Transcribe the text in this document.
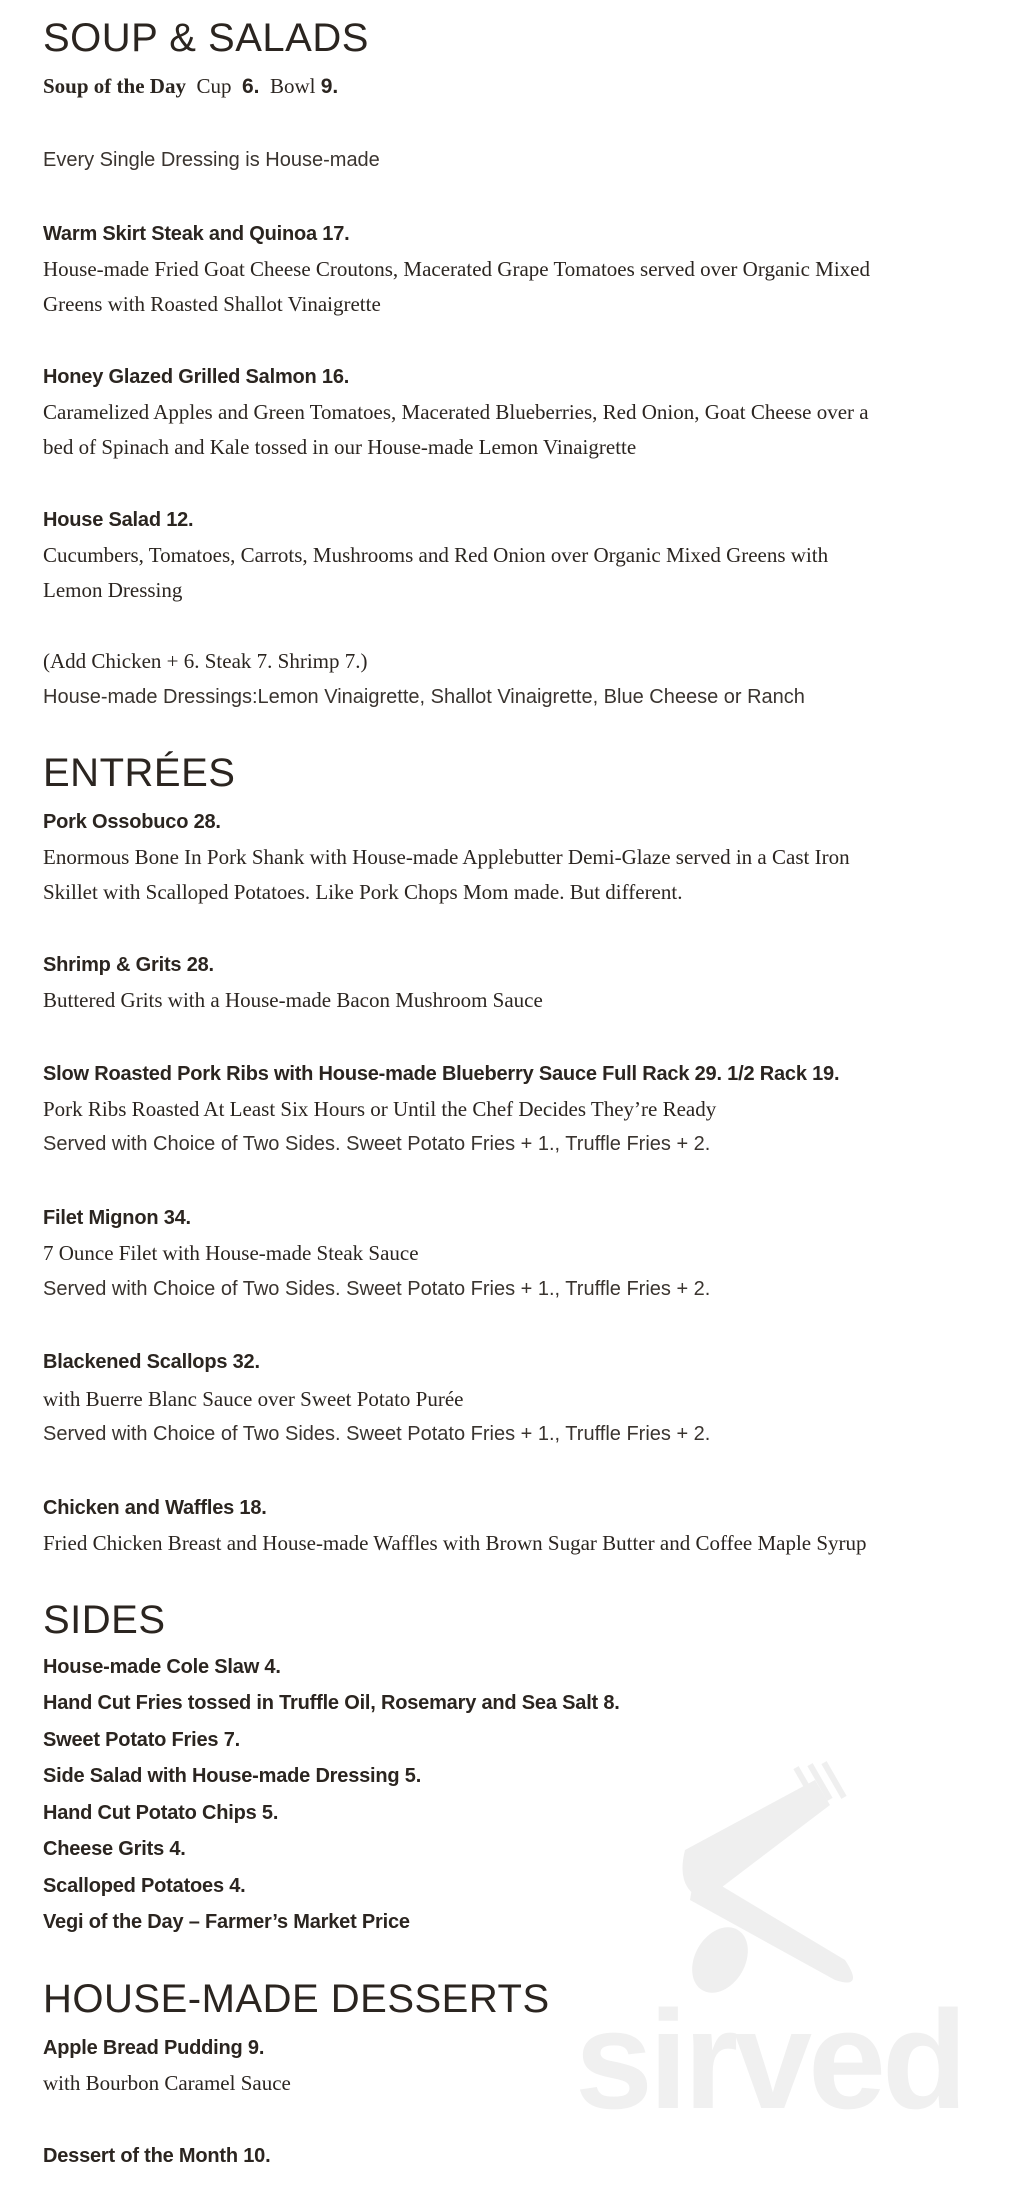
SOUP & SALADS
Soup of the Day Cup 6. Bowl 9.
Every Single Dressing is House-made
Warm Skirt Steak and Quinoa 17.
House-made Fried Goat Cheese Croutons, Macerated Grape Tomatoes served over Organic Mixed
Greens with Roasted Shallot Vinaigrette
Honey Glazed Grilled Salmon 16.
Caramelized Apples and Green Tomatoes, Macerated Blueberries, Red Onion, Goat Cheese over a
bed of Spinach and Kale tossed in our House-made Lemon Vinaigrette
House Salad 12.
Cucumbers, Tomatoes, Carrots, Mushrooms and Red Onion over Organic Mixed Greens with
Lemon Dressing
(Add Chicken + 6. Steak 7. Shrimp 7.)
House-made Dressings:Lemon Vinaigrette, Shallot Vinaigrette, Blue Cheese or Ranch
ENTRÉES
Pork Ossobuco 28.
Enormous Bone In Pork Shank with House-made Applebutter Demi-Glaze served in a Cast Iron
Skillet with Scalloped Potatoes. Like Pork Chops Mom made. But different.
Shrimp & Grits 28.
Buttered Grits with a House-made Bacon Mushroom Sauce
Slow Roasted Pork Ribs with House-made Blueberry Sauce Full Rack 29. 1/2 Rack 19.
Pork Ribs Roasted At Least Six Hours or Until the Chef Decides They’re Ready
Served with Choice of Two Sides. Sweet Potato Fries + 1., Truffle Fries + 2.
Filet Mignon 34.
7 Ounce Filet with House-made Steak Sauce
Served with Choice of Two Sides. Sweet Potato Fries + 1., Truffle Fries + 2.
Blackened Scallops 32.
with Buerre Blanc Sauce over Sweet Potato Purée
Served with Choice of Two Sides. Sweet Potato Fries + 1., Truffle Fries + 2.
Chicken and Waffles 18.
Fried Chicken Breast and House-made Waffles with Brown Sugar Butter and Coffee Maple Syrup
SIDES
House-made Cole Slaw 4.
Hand Cut Fries tossed in Truffle Oil, Rosemary and Sea Salt 8.
Sweet Potato Fries 7.
Side Salad with House-made Dressing 5.
Hand Cut Potato Chips 5.
Cheese Grits 4.
Scalloped Potatoes 4.
Vegi of the Day – Farmer’s Market Price
HOUSE-MADE DESSERTS
Apple Bread Pudding 9.
with Bourbon Caramel Sauce
Dessert of the Month 10.
sirved
